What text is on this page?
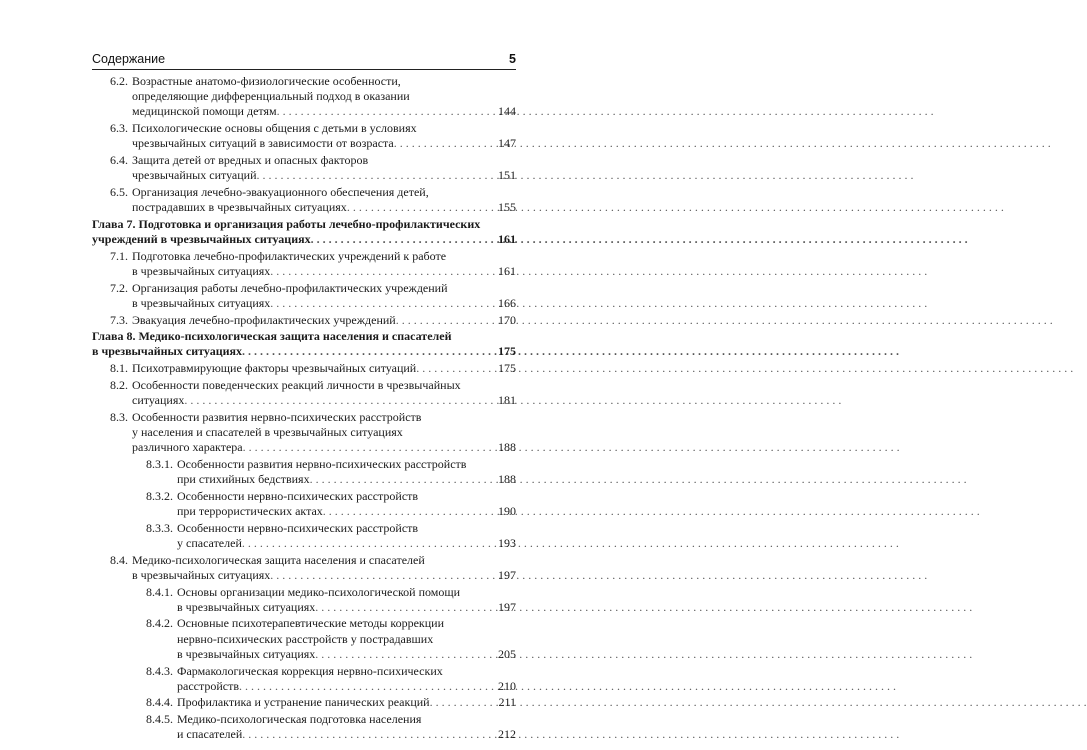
Содержание	5
6.2. Возрастные анатомо-физиологические особенности,
определяющие дифференциальный подход в оказании
медицинской помощи детям . . .	144
6.3. Психологические основы общения с детьми в условиях
чрезвычайных ситуаций в зависимости от возраста . . .	147
6.4. Защита детей от вредных и опасных факторов
чрезвычайных ситуаций . . .	151
6.5. Организация лечебно-эвакуационного обеспечения детей,
пострадавших в чрезвычайных ситуациях . . .	155
Глава 7. Подготовка и организация работы лечебно-профилактических
учреждений в чрезвычайных ситуациях . . .	161
7.1. Подготовка лечебно-профилактических учреждений к работе
в чрезвычайных ситуациях . . .	161
7.2. Организация работы лечебно-профилактических учреждений
в чрезвычайных ситуациях . . .	166
7.3. Эвакуация лечебно-профилактических учреждений . . .	170
Глава 8. Медико-психологическая защита населения и спасателей
в чрезвычайных ситуациях . . .	175
8.1. Психотравмирующие факторы чрезвычайных ситуаций . . .	175
8.2. Особенности поведенческих реакций личности в чрезвычайных
ситуациях . . .	181
8.3. Особенности развития нервно-психических расстройств
у населения и спасателей в чрезвычайных ситуациях
различного характера . . .	188
8.3.1. Особенности развития нервно-психических расстройств
при стихийных бедствиях . . .	188
8.3.2. Особенности нервно-психических расстройств
при террористических актах . . .	190
8.3.3. Особенности нервно-психических расстройств
у спасателей . . .	193
8.4. Медико-психологическая защита населения и спасателей
в чрезвычайных ситуациях . . .	197
8.4.1. Основы организации медико-психологической помощи
в чрезвычайных ситуациях . . .	197
8.4.2. Основные психотерапевтические методы коррекции
нервно-психических расстройств у пострадавших
в чрезвычайных ситуациях . . .	205
8.4.3. Фармакологическая коррекция нервно-психических
расстройств . . .	210
8.4.4. Профилактика и устранение панических реакций . . .	211
8.4.5. Медико-психологическая подготовка населения
и спасателей . . .	212
